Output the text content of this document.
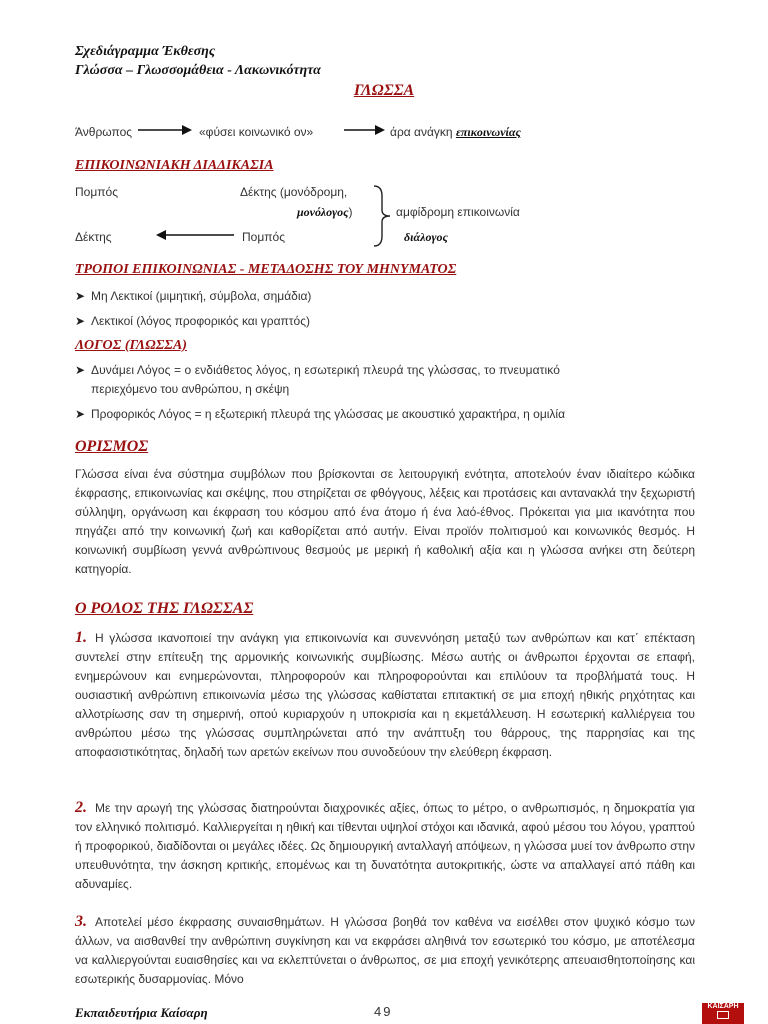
Σχεδιάγραμμα Έκθεσης
Γλώσσα – Γλωσσομάθεια - Λακωνικότητα
ΓΛΩΣΣΑ
Άνθρωπος	«φύσει κοινωνικό ον»	άρα ανάγκη επικοινωνίας
ΕΠΙΚΟΙΝΩΝΙΑΚΗ ΔΙΑΔΙΚΑΣΙΑ
Πομπός	Δέκτης (μονόδρομη,
μονόλογος)	αμφίδρομη επικοινωνία
Δέκτης	Πομπός	διάλογος
ΤΡΟΠΟΙ ΕΠΙΚΟΙΝΩΝΙΑΣ - ΜΕΤΑΔΟΣΗΣ ΤΟΥ ΜΗΝΥΜΑΤΟΣ
➤ Μη Λεκτικοί (μιμητική, σύμβολα, σημάδια)
➤ Λεκτικοί (λόγος προφορικός και γραπτός)
ΛΟΓΟΣ (ΓΛΩΣΣΑ)
➤ Δυνάμει Λόγος = ο ενδιάθετος λόγος, η εσωτερική πλευρά της γλώσσας, το πνευματικό
περιεχόμενο του ανθρώπου, η σκέψη
➤ Προφορικός Λόγος = η εξωτερική πλευρά της γλώσσας με ακουστικό χαρακτήρα, η ομιλία
ΟΡΙΣΜΟΣ
Γλώσσα είναι ένα σύστημα συμβόλων που βρίσκονται σε λειτουργική ενότητα, αποτελούν έναν ιδιαίτερο κώδικα έκφρασης, επικοινωνίας και σκέψης, που στηρίζεται σε φθόγγους, λέξεις και προτάσεις και αντανακλά την ξεχωριστή σύλληψη, οργάνωση και έκφραση του κόσμου από ένα άτομο ή ένα λαό-έθνος. Πρόκειται για μια ικανότητα που πηγάζει από την κοινωνική ζωή και καθορίζεται από αυτήν. Είναι προϊόν πολιτισμού και κοινωνικός θεσμός. Η κοινωνική συμβίωση γεννά ανθρώπινους θεσμούς με μερική ή καθολική αξία και η γλώσσα ανήκει στη δεύτερη κατηγορία.
Ο ΡΟΛΟΣ ΤΗΣ ΓΛΩΣΣΑΣ
1. Η γλώσσα ικανοποιεί την ανάγκη για επικοινωνία και συνεννόηση μεταξύ των ανθρώπων και κατ΄ επέκταση συντελεί στην επίτευξη της αρμονικής κοινωνικής συμβίωσης. Μέσω αυτής οι άνθρωποι έρχονται σε επαφή, ενημερώνουν και ενημερώνονται, πληροφορούν και πληροφορούνται και επιλύουν τα προβλήματά τους. Η ουσιαστική ανθρώπινη επικοινωνία μέσω της γλώσσας καθίσταται επιτακτική σε μια εποχή ηθικής ρηχότητας και αλλοτρίωσης σαν τη σημερινή, οπού κυριαρχούν η υποκρισία και η εκμετάλλευση. Η εσωτερική καλλιέργεια του ανθρώπου μέσω της γλώσσας συμπληρώνεται από την ανάπτυξη του θάρρους, της παρρησίας και της αποφασιστικότητας, δηλαδή των αρετών εκείνων που συνοδεύουν την ελεύθερη έκφραση.
2. Με την αρωγή της γλώσσας διατηρούνται διαχρονικές αξίες, όπως το μέτρο, ο ανθρωπισμός, η δημοκρατία για τον ελληνικό πολιτισμό. Καλλιεργείται η ηθική και τίθενται υψηλοί στόχοι και ιδανικά, αφού μέσου του λόγου, γραπτού ή προφορικού, διαδίδονται οι μεγάλες ιδέες. Ως δημιουργική ανταλλαγή απόψεων, η γλώσσα μυεί τον άνθρωπο στην υπευθυνότητα, την άσκηση κριτικής, επομένως και τη δυνατότητα αυτοκριτικής, ώστε να απαλλαγεί από πάθη και αδυναμίες.
3. Αποτελεί μέσο έκφρασης συναισθημάτων. Η γλώσσα βοηθά τον καθένα να εισέλθει στον ψυχικό κόσμο των άλλων, να αισθανθεί την ανθρώπινη συγκίνηση και να εκφράσει αληθινά τον εσωτερικό του κόσμο, με αποτέλεσμα να καλλιεργούνται ευαισθησίες και να εκλεπτύνεται ο άνθρωπος, σε μια εποχή γενικότερης απευαισθητοποίησης και εσωτερικής δυσαρμονίας. Μόνο
Εκπαιδευτήρια Καίσαρη	49	ΚΑΙΣΑΡΗ
